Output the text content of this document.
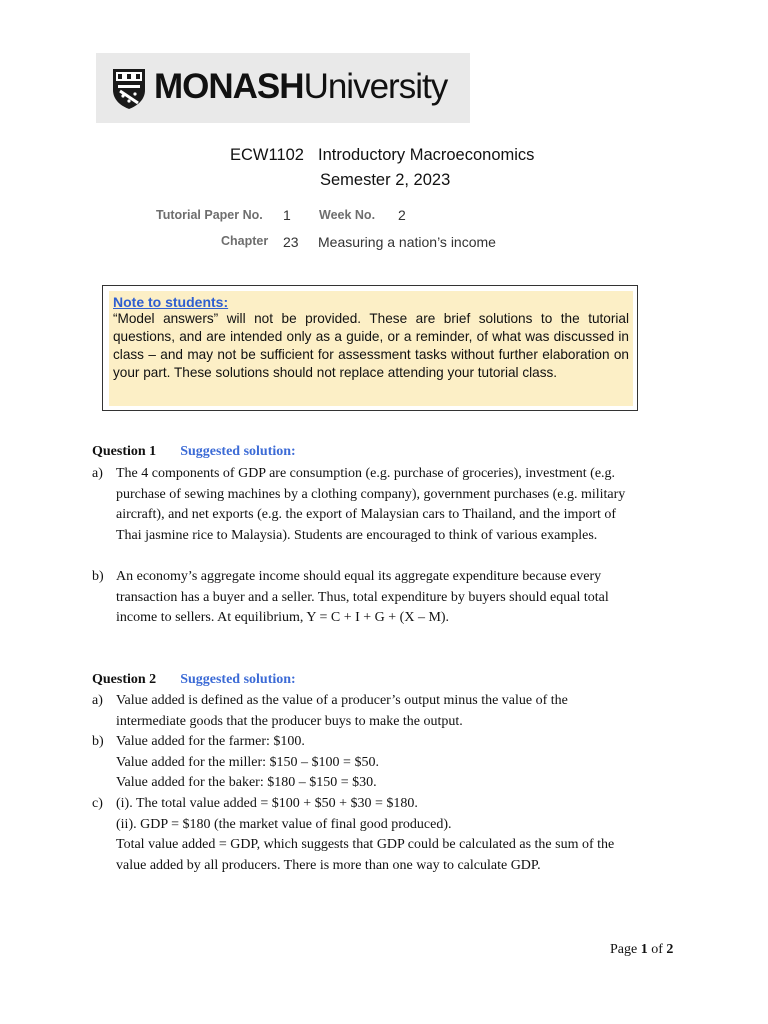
MONASHUniversity
ECW1102 Introductory Macroeconomics
Semester 2, 2023
Tutorial Paper No. 1 Week No. 2
Chapter 23 Measuring a nation’s income
Note to students:
“Model answers” will not be provided. These are brief solutions to the tutorial questions, and are intended only as a guide, or a reminder, of what was discussed in class – and may not be sufficient for assessment tasks without further elaboration on your part. These solutions should not replace attending your tutorial class.
Question 1 Suggested solution:
a) The 4 components of GDP are consumption (e.g. purchase of groceries), investment (e.g.
purchase of sewing machines by a clothing company), government purchases (e.g. military
aircraft), and net exports (e.g. the export of Malaysian cars to Thailand, and the import of
Thai jasmine rice to Malaysia). Students are encouraged to think of various examples.
b) An economy’s aggregate income should equal its aggregate expenditure because every
transaction has a buyer and a seller. Thus, total expenditure by buyers should equal total
income to sellers. At equilibrium, Y = C + I + G + (X – M).
Question 2 Suggested solution:
a) Value added is defined as the value of a producer’s output minus the value of the
intermediate goods that the producer buys to make the output.
b) Value added for the farmer: $100.
Value added for the miller: $150 – $100 = $50.
Value added for the baker: $180 – $150 = $30.
c) (i). The total value added = $100 + $50 + $30 = $180.
(ii). GDP = $180 (the market value of final good produced).
Total value added = GDP, which suggests that GDP could be calculated as the sum of the
value added by all producers. There is more than one way to calculate GDP.
Page 1 of 2
